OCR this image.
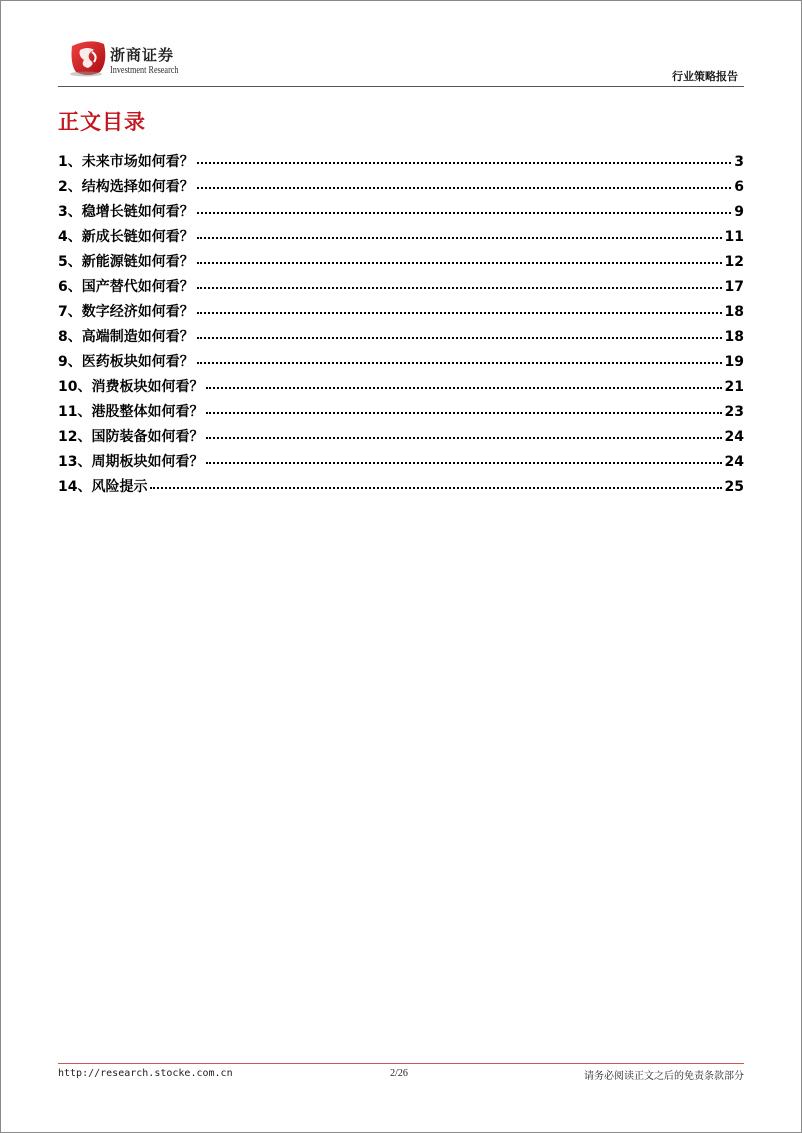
浙商证券
Investment Research	行业策略报告
正文目录
1、未来市场如何看？	3
2、结构选择如何看？	6
3、稳增长链如何看？	9
4、新成长链如何看？	11
5、新能源链如何看？	12
6、国产替代如何看？	17
7、数字经济如何看？	18
8、高端制造如何看？	18
9、医药板块如何看？	19
10、消费板块如何看？	21
11、港股整体如何看？	23
12、国防装备如何看？	24
13、周期板块如何看？	24
14、风险提示	25
http://research.stocke.com.cn	2/26	请务必阅读正文之后的免责条款部分
